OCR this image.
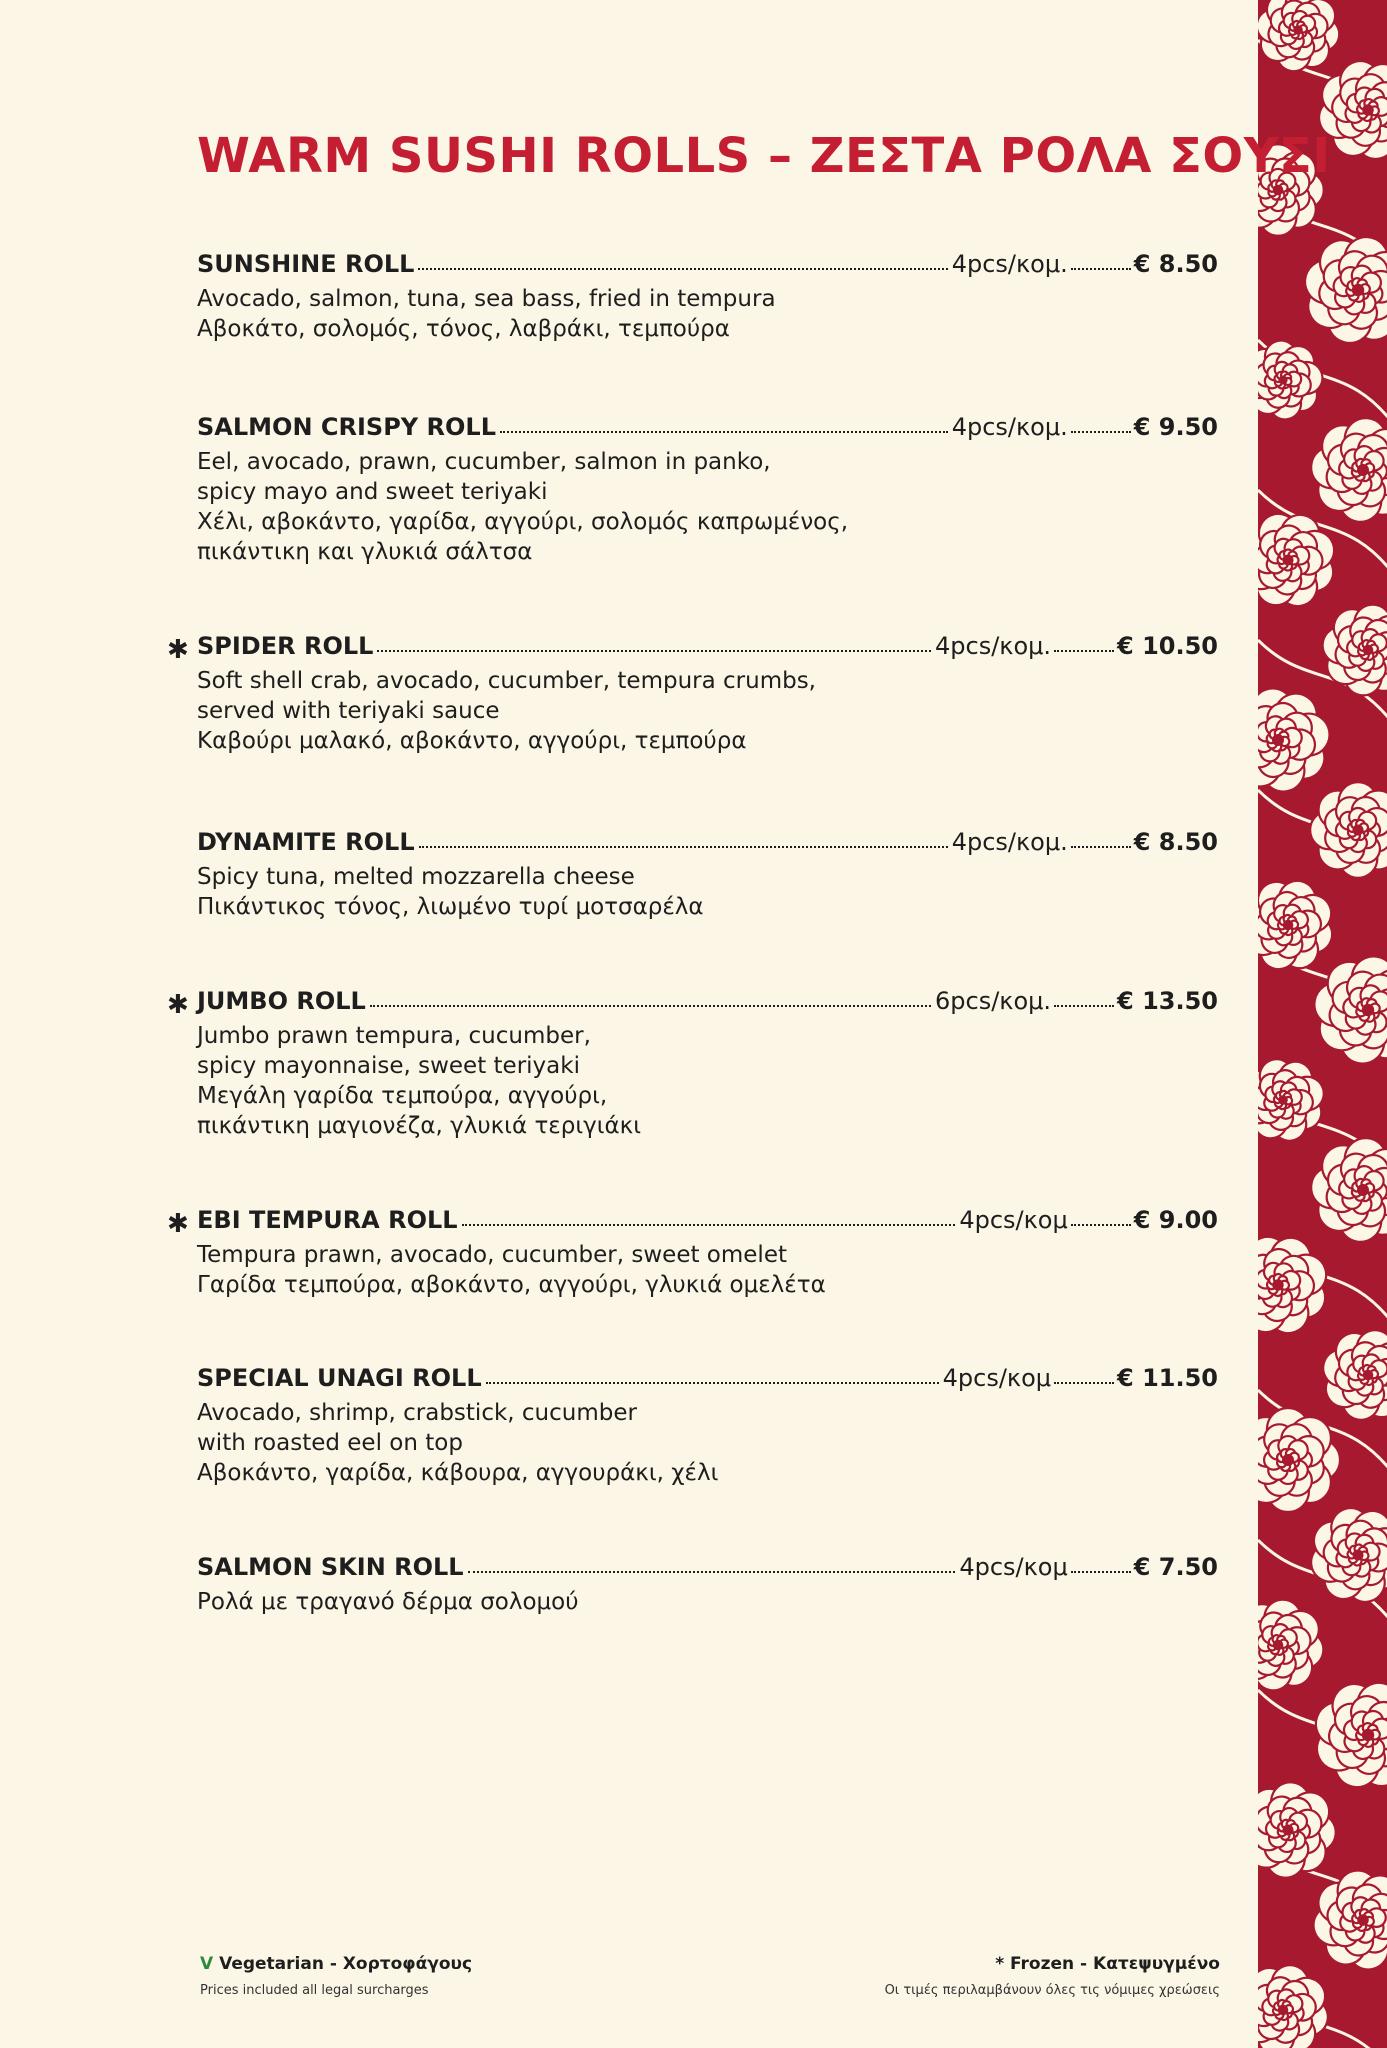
WARM SUSHI ROLLS – ΖΕΣΤΑ ΡΟΛΑ ΣΟΥΣΙ
SUNSHINE ROLL	4pcs/κομ.	€ 8.50
Avocado, salmon, tuna, sea bass, fried in tempura
Αβοκάτο, σολομός, τόνος, λαβράκι, τεμπούρα
SALMON CRISPY ROLL	4pcs/κομ.	€ 9.50
Eel, avocado, prawn, cucumber, salmon in panko,
spicy mayo and sweet teriyaki
Χέλι, αβοκάντο, γαρίδα, αγγούρι, σολομός καπρωμένος,
πικάντικη και γλυκιά σάλτσα
✱ SPIDER ROLL	4pcs/κομ.	€ 10.50
Soft shell crab, avocado, cucumber, tempura crumbs,
served with teriyaki sauce
Καβούρι μαλακό, αβοκάντο, αγγούρι, τεμπούρα
DYNAMITE ROLL	4pcs/κομ.	€ 8.50
Spicy tuna, melted mozzarella cheese
Πικάντικος τόνος, λιωμένο τυρί μοτσαρέλα
✱ JUMBO ROLL	6pcs/κομ.	€ 13.50
Jumbo prawn tempura, cucumber,
spicy mayonnaise, sweet teriyaki
Μεγάλη γαρίδα τεμπούρα, αγγούρι,
πικάντικη μαγιονέζα, γλυκιά τεριγιάκι
✱ EBI TEMPURA ROLL	4pcs/κομ	€ 9.00
Tempura prawn, avocado, cucumber, sweet omelet
Γαρίδα τεμπούρα, αβοκάντο, αγγούρι, γλυκιά ομελέτα
SPECIAL UNAGI ROLL	4pcs/κομ	€ 11.50
Avocado, shrimp, crabstick, cucumber
with roasted eel on top
Αβοκάντο, γαρίδα, κάβουρα, αγγουράκι, χέλι
SALMON SKIN ROLL	4pcs/κομ	€ 7.50
Ρολά με τραγανό δέρμα σολομού
V Vegetarian - Χορτοφάγους
Prices included all legal surcharges
* Frozen - Κατεψυγμένο
Οι τιμές περιλαμβάνουν όλες τις νόμιμες χρεώσεις
